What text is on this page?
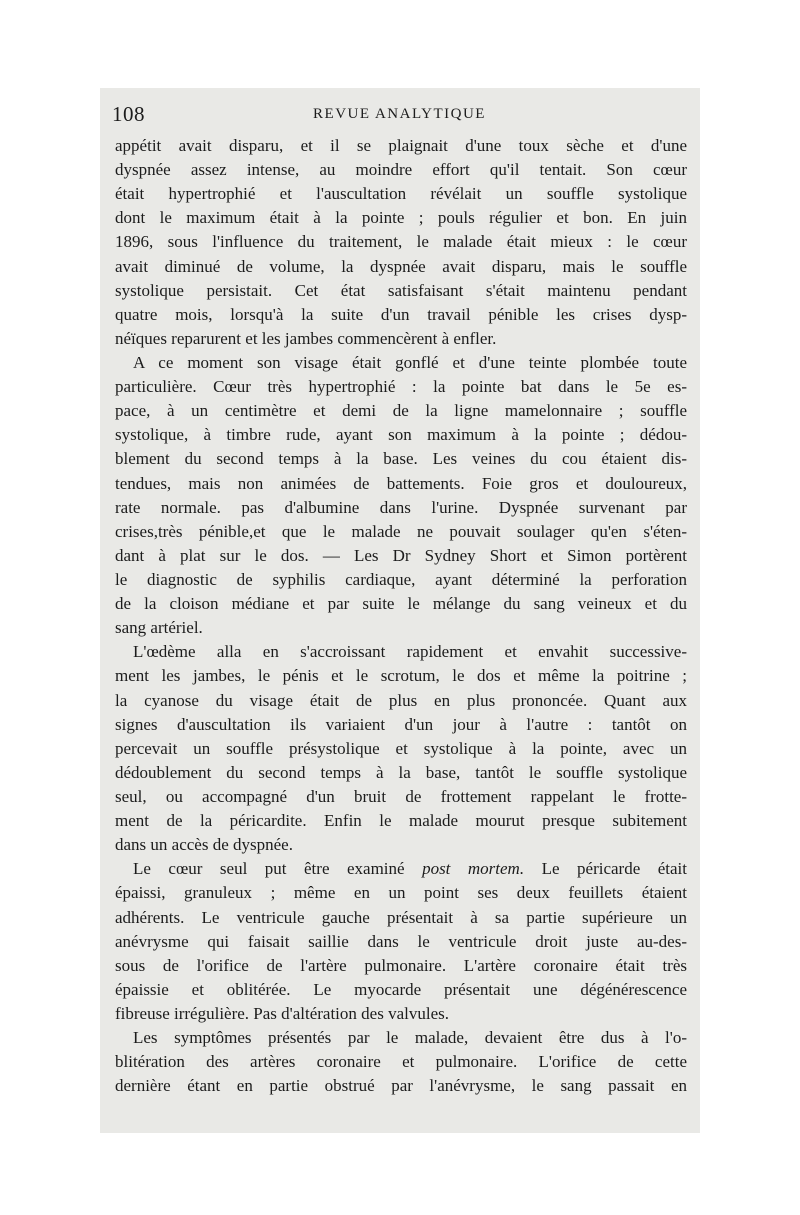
108	REVUE ANALYTIQUE
appétit avait disparu, et il se plaignait d'une toux sèche et d'une
dyspnée assez intense, au moindre effort qu'il tentait. Son cœur
était hypertrophié et l'auscultation révélait un souffle systolique
dont le maximum était à la pointe ; pouls régulier et bon. En juin
1896, sous l'influence du traitement, le malade était mieux : le cœur
avait diminué de volume, la dyspnée avait disparu, mais le souffle
systolique persistait. Cet état satisfaisant s'était maintenu pendant
quatre mois, lorsqu'à la suite d'un travail pénible les crises dysp-
néïques reparurent et les jambes commencèrent à enfler.
A ce moment son visage était gonflé et d'une teinte plombée toute
particulière. Cœur très hypertrophié : la pointe bat dans le 5e es-
pace, à un centimètre et demi de la ligne mamelonnaire ; souffle
systolique, à timbre rude, ayant son maximum à la pointe ; dédou-
blement du second temps à la base. Les veines du cou étaient dis-
tendues, mais non animées de battements. Foie gros et douloureux,
rate normale. pas d'albumine dans l'urine. Dyspnée survenant par
crises,très pénible,et que le malade ne pouvait soulager qu'en s'éten-
dant à plat sur le dos. — Les Dr Sydney Short et Simon portèrent
le diagnostic de syphilis cardiaque, ayant déterminé la perforation
de la cloison médiane et par suite le mélange du sang veineux et du
sang artériel.
L'œdème alla en s'accroissant rapidement et envahit successive-
ment les jambes, le pénis et le scrotum, le dos et même la poitrine ;
la cyanose du visage était de plus en plus prononcée. Quant aux
signes d'auscultation ils variaient d'un jour à l'autre : tantôt on
percevait un souffle présystolique et systolique à la pointe, avec un
dédoublement du second temps à la base, tantôt le souffle systolique
seul, ou accompagné d'un bruit de frottement rappelant le frotte-
ment de la péricardite. Enfin le malade mourut presque subitement
dans un accès de dyspnée.
Le cœur seul put être examiné post mortem. Le péricarde était
épaissi, granuleux ; même en un point ses deux feuillets étaient
adhérents. Le ventricule gauche présentait à sa partie supérieure un
anévrysme qui faisait saillie dans le ventricule droit juste au-des-
sous de l'orifice de l'artère pulmonaire. L'artère coronaire était très
épaissie et oblitérée. Le myocarde présentait une dégénérescence
fibreuse irrégulière. Pas d'altération des valvules.
Les symptômes présentés par le malade, devaient être dus à l'o-
blitération des artères coronaire et pulmonaire. L'orifice de cette
dernière étant en partie obstrué par l'anévrysme, le sang passait en
